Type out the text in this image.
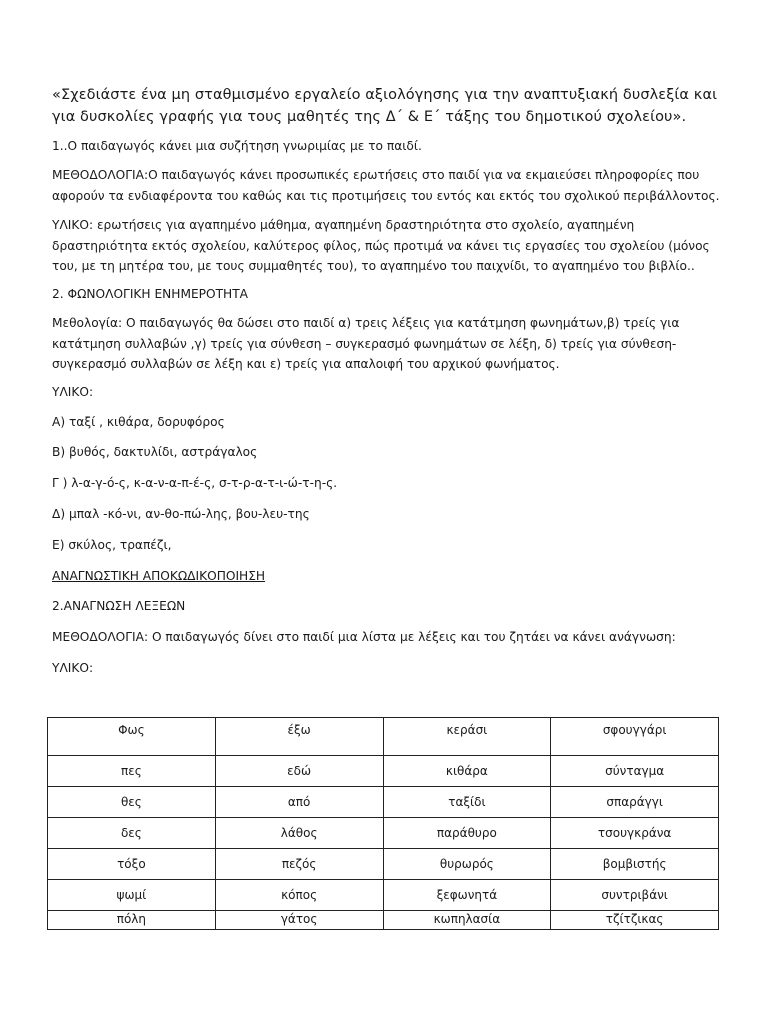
«Σχεδιάστε ένα μη σταθμισμένο εργαλείο αξιολόγησης για την αναπτυξιακή δυσλεξία και για δυσκολίες γραφής για τους μαθητές της Δ΄ & Ε΄ τάξης του δημοτικού σχολείου».

1..Ο παιδαγωγός κάνει μια συζήτηση γνωριμίας με το παιδί.

ΜΕΘΟΔΟΛΟΓΙΑ:Ο παιδαγωγός κάνει προσωπικές ερωτήσεις στο παιδί για να εκμαιεύσει πληροφορίες που αφορούν τα ενδιαφέροντα του καθώς και τις προτιμήσεις του εντός και εκτός του σχολικού περιβάλλοντος.

ΥΛΙΚΟ: ερωτήσεις για αγαπημένο μάθημα, αγαπημένη δραστηριότητα στο σχολείο, αγαπημένη δραστηριότητα εκτός σχολείου, καλύτερος φίλος, πώς προτιμά να κάνει τις εργασίες του σχολείου (μόνος του, με τη μητέρα του, με τους συμμαθητές του), το αγαπημένο του παιχνίδι, το αγαπημένο του βιβλίο..

2. ΦΩΝΟΛΟΓΙΚΗ ΕΝΗΜΕΡΟΤΗΤΑ

Μεθολογία: Ο παιδαγωγός θα δώσει στο παιδί α) τρεις λέξεις για κατάτμηση φωνημάτων,β) τρείς για κατάτμηση συλλαβών ,γ) τρείς για σύνθεση – συγκερασμό φωνημάτων σε λέξη, δ) τρείς για σύνθεση-συγκερασμό συλλαβών σε λέξη και ε) τρείς για απαλοιφή του αρχικού φωνήματος.

ΥΛΙΚΟ:

Α) ταξί , κιθάρα, δορυφόρος

Β) βυθός, δακτυλίδι, αστράγαλος

Γ ) λ-α-γ-ό-ς, κ-α-ν-α-π-έ-ς, σ-τ-ρ-α-τ-ι-ώ-τ-η-ς.

Δ) μπαλ -κό-νι, αν-θο-πώ-λης, βου-λευ-της

Ε) σκύλος, τραπέζι,

ΑΝΑΓΝΩΣΤΙΚΗ ΑΠΟΚΩΔΙΚΟΠΟΙΗΣΗ

2.ΑΝΑΓΝΩΣΗ ΛΕΞΕΩΝ

ΜΕΘΟΔΟΛΟΓΙΑ: Ο παιδαγωγός δίνει στο παιδί μια λίστα με λέξεις και του ζητάει να κάνει ανάγνωση:

ΥΛΙΚΟ:

Φως	έξω	κεράσι	σφουγγάρι
πες	εδώ	κιθάρα	σύνταγμα
θες	από	ταξίδι	σπαράγγι
δες	λάθος	παράθυρο	τσουγκράνα
τόξο	πεζός	θυρωρός	βομβιστής
ψωμί	κόπος	ξεφωνητά	συντριβάνι
πόλη	γάτος	κωπηλασία	τζίτζικας
